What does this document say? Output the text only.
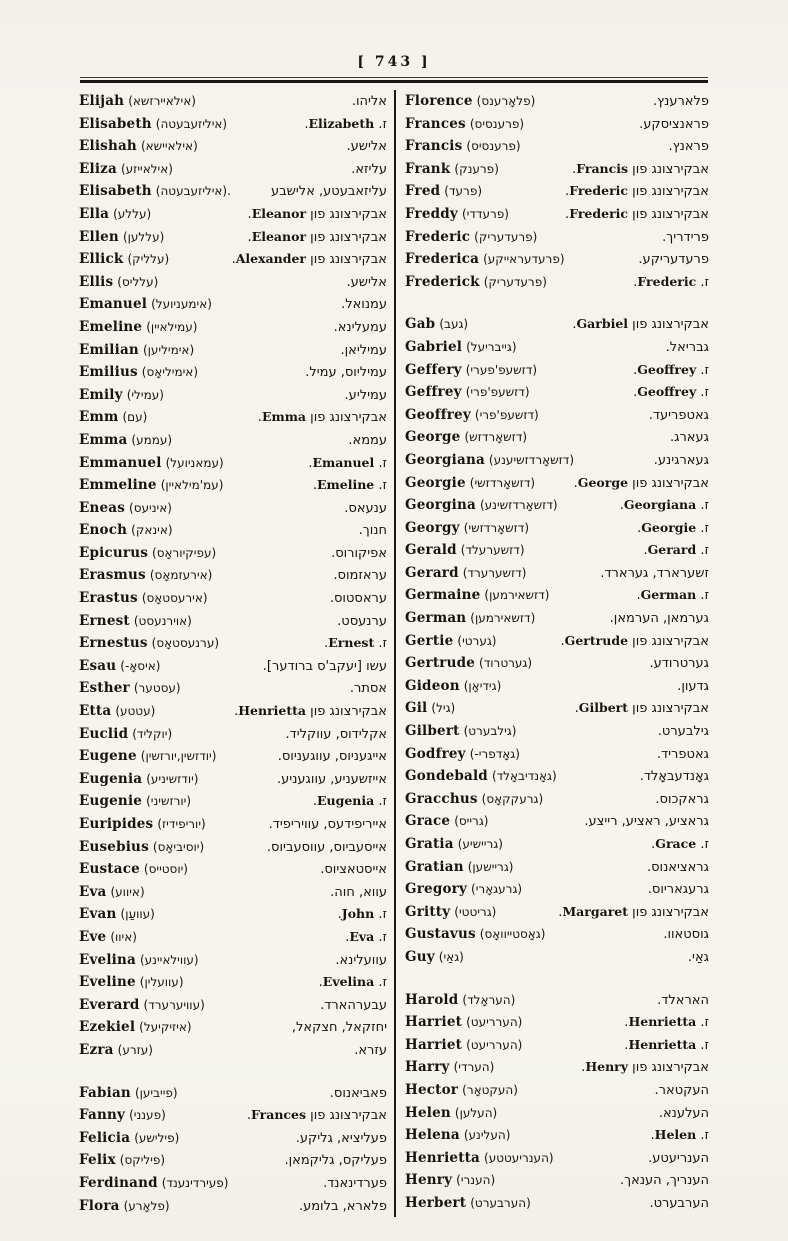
[ 743 ]
Elijah (אילאיירזשא)	אליהו.
Elisabeth (איליזעבעטה)	ז. Elizabeth.
Elishah (אילאיישא)	אלישע.
Eliza (אילאייזע)	עליזא.
Elisabeth (איליזעבעטה).	עליזאבעטע, אלישבע
Ella (עללע)	אבקירצונג פון Eleanor.
Ellen (עללען)	אבקירצונג פון Eleanor.
Ellick (עלליק)	אבקירצונג פון Alexander.
Ellis (עלליס)	אלישע.
Emanuel (אימעניועל)	עמנואל.
Emeline (עמילאיין)	עמעלינא.
Emilian (אימיליען)	עמיליאן.
Emilius (אימיליאָס)	עמיליוס, עמיל.
Emily (עמילי)	עמיליע.
Emm (עם)	אבקירצונג פון Emma.
Emma (עממע)	עממא.
Emmanuel (עמאניועל)	ז. Emanuel.
Emmeline (עמ'מילאיין)	ז. Emeline.
Eneas (איניעס)	ענעאס.
Enoch (אינאק)	חנוך.
Epicurus (עפיקיוראָס)	אפיקורוס.
Erasmus (אירעזמאָס)	עראזמוס.
Erastus (אירעסטאָס)	עראסטוס.
Ernest (אוירנעסט)	ערנעסט.
Ernestus (ערנעסטאָס)	ז. Ernest.
Esau (-איסאָ)	עשו [יעקב'ס ברודער].
Esther (עסטער)	אסתר.
Etta (עטטע)	אבקירצונג פון Henrietta.
Euclid (יוקליד)	אקלידוס, עווקליד.
Eugene (יודזשין,יורזשין)	אייגעניוס, עווגעניוס.
Eugenia (יודזשיניע)	אייזשעניע, עווגעניע.
Eugenie (יורזשיני)	ז. Eugenia.
Euripides (יוריפידיז)	אייריפידעס, עוויריפיד.
Eusebius (יוסיביאָס)	אייסעביוס, עווסעביוס.
Eustace (יוסטייס)	אייסטאציוס.
Eva (איווע)	עווא, חוה.
Evan (עוועַן)	ז. John.
Eve (איוו)	ז. Eva.
Evelina (עווילאיינע)	עוועלינא.
Eveline (עוועלין)	ז. Evelina.
Everard (עוויערערד)	עבערהארד.
Ezekiel (איזיקיעל)	יחזקאל, חצקאל,
Ezra (עזרע)	עזרא.
Fabian (פייביען)	פאביאנוס.
Fanny (פענני)	אבקירצונג פון Frances.
Felicia (פילישע)	פעליציא, גליקע.
Felix (פיליקס)	פעליקס, גליקמאן.
Ferdinand (פעירדינענד)	פערדינאנד.
Flora (פלאָרע)	פלארא, בלומע.
Florence (פלאָרענס)	פלארענץ.
Frances (פרענסיס)	פראנציסקע.
Francis (פרענסיס)	פראנץ.
Frank (פרענק)	אבקירצונג פון Francis.
Fred (פרעד)	אבקירצונג פון Frederic.
Freddy (פרעדדי)	אבקירצונג פון Frederic.
Frederic (פרעדעריק)	פרידריך.
Frederica (פרעדעראייקע)	פרעדעריקע.
Frederick (פרעדעריק)	ז. Frederic.
Gab (געב)	אבקירצונג פון Garbiel.
Gabriel (גייבריעל)	גבריאל.
Geffery (דזשעפ'פערי)	ז. Geoffrey.
Geffrey (דזשעפ'פרי)	ז. Geoffrey.
Geoffrey (דזשעפ'פרי)	גאטפריעד.
George (דזשאָרדזש)	געארג.
Georgiana (דזשאָרדזשיענע)	געארגינע.
Georgie (דזשאָרדזשי)	אבקירצונג פון George.
Georgina (דזשאָרדזשינע)	ז. Georgiana.
Georgy (דזשאָרדזשי)	ז. Georgie.
Gerald (דזשערעלד)	ז. Gerard.
Gerard (דזשערערד)	זשערארד, גערארד.
Germaine (דזשאירמען)	ז. German.
German (דזשאירמען)	גערמאן, הערמאן.
Gertie (גערטי)	אבקירצונג פון Gertrude.
Gertrude (גערטרוד)	גערטרודע.
Gideon (גידיאָן)	גדעון.
Gil (גיל)	אבקירצונג פון Gilbert.
Gilbert (גילבערט)	גילבערט.
Godfrey (-גאָדפרי)	גאטפריד.
Gondebald (גאָנדיבאָלד)	גאָנדעבאָלד.
Gracchus (גרעקקאָס)	גראקכוס.
Grace (גרייס)	גראציע, ראציע, רייצע.
Gratia (גריישיע)	ז. Grace.
Gratian (גריישען)	גראציאנוס.
Gregory (גרעגאָרי)	גרעגאריוס.
Gritty (גריטטי)	אבקירצונג פון Margaret.
Gustavus (גאָסטייוואָס)	גוסטאוו.
Guy (גאַי)	גאַי.
Harold (העראָלד)	האראלד.
Harriet (הערריעט)	ז. Henrietta.
Harriet (הערריעט)	ז. Henrietta.
Harry (הערדי)	אבקירצונג פון Henry.
Hector (העקטאָר)	העקטאר.
Helen (העלען)	העלענא.
Helena (העלינע)	ז. Helen.
Henrietta (הענריעטטע)	הענריעטע.
Henry (הענרי)	הענריך, הענאך.
Herbert (הערבערט)	הערבערט.
